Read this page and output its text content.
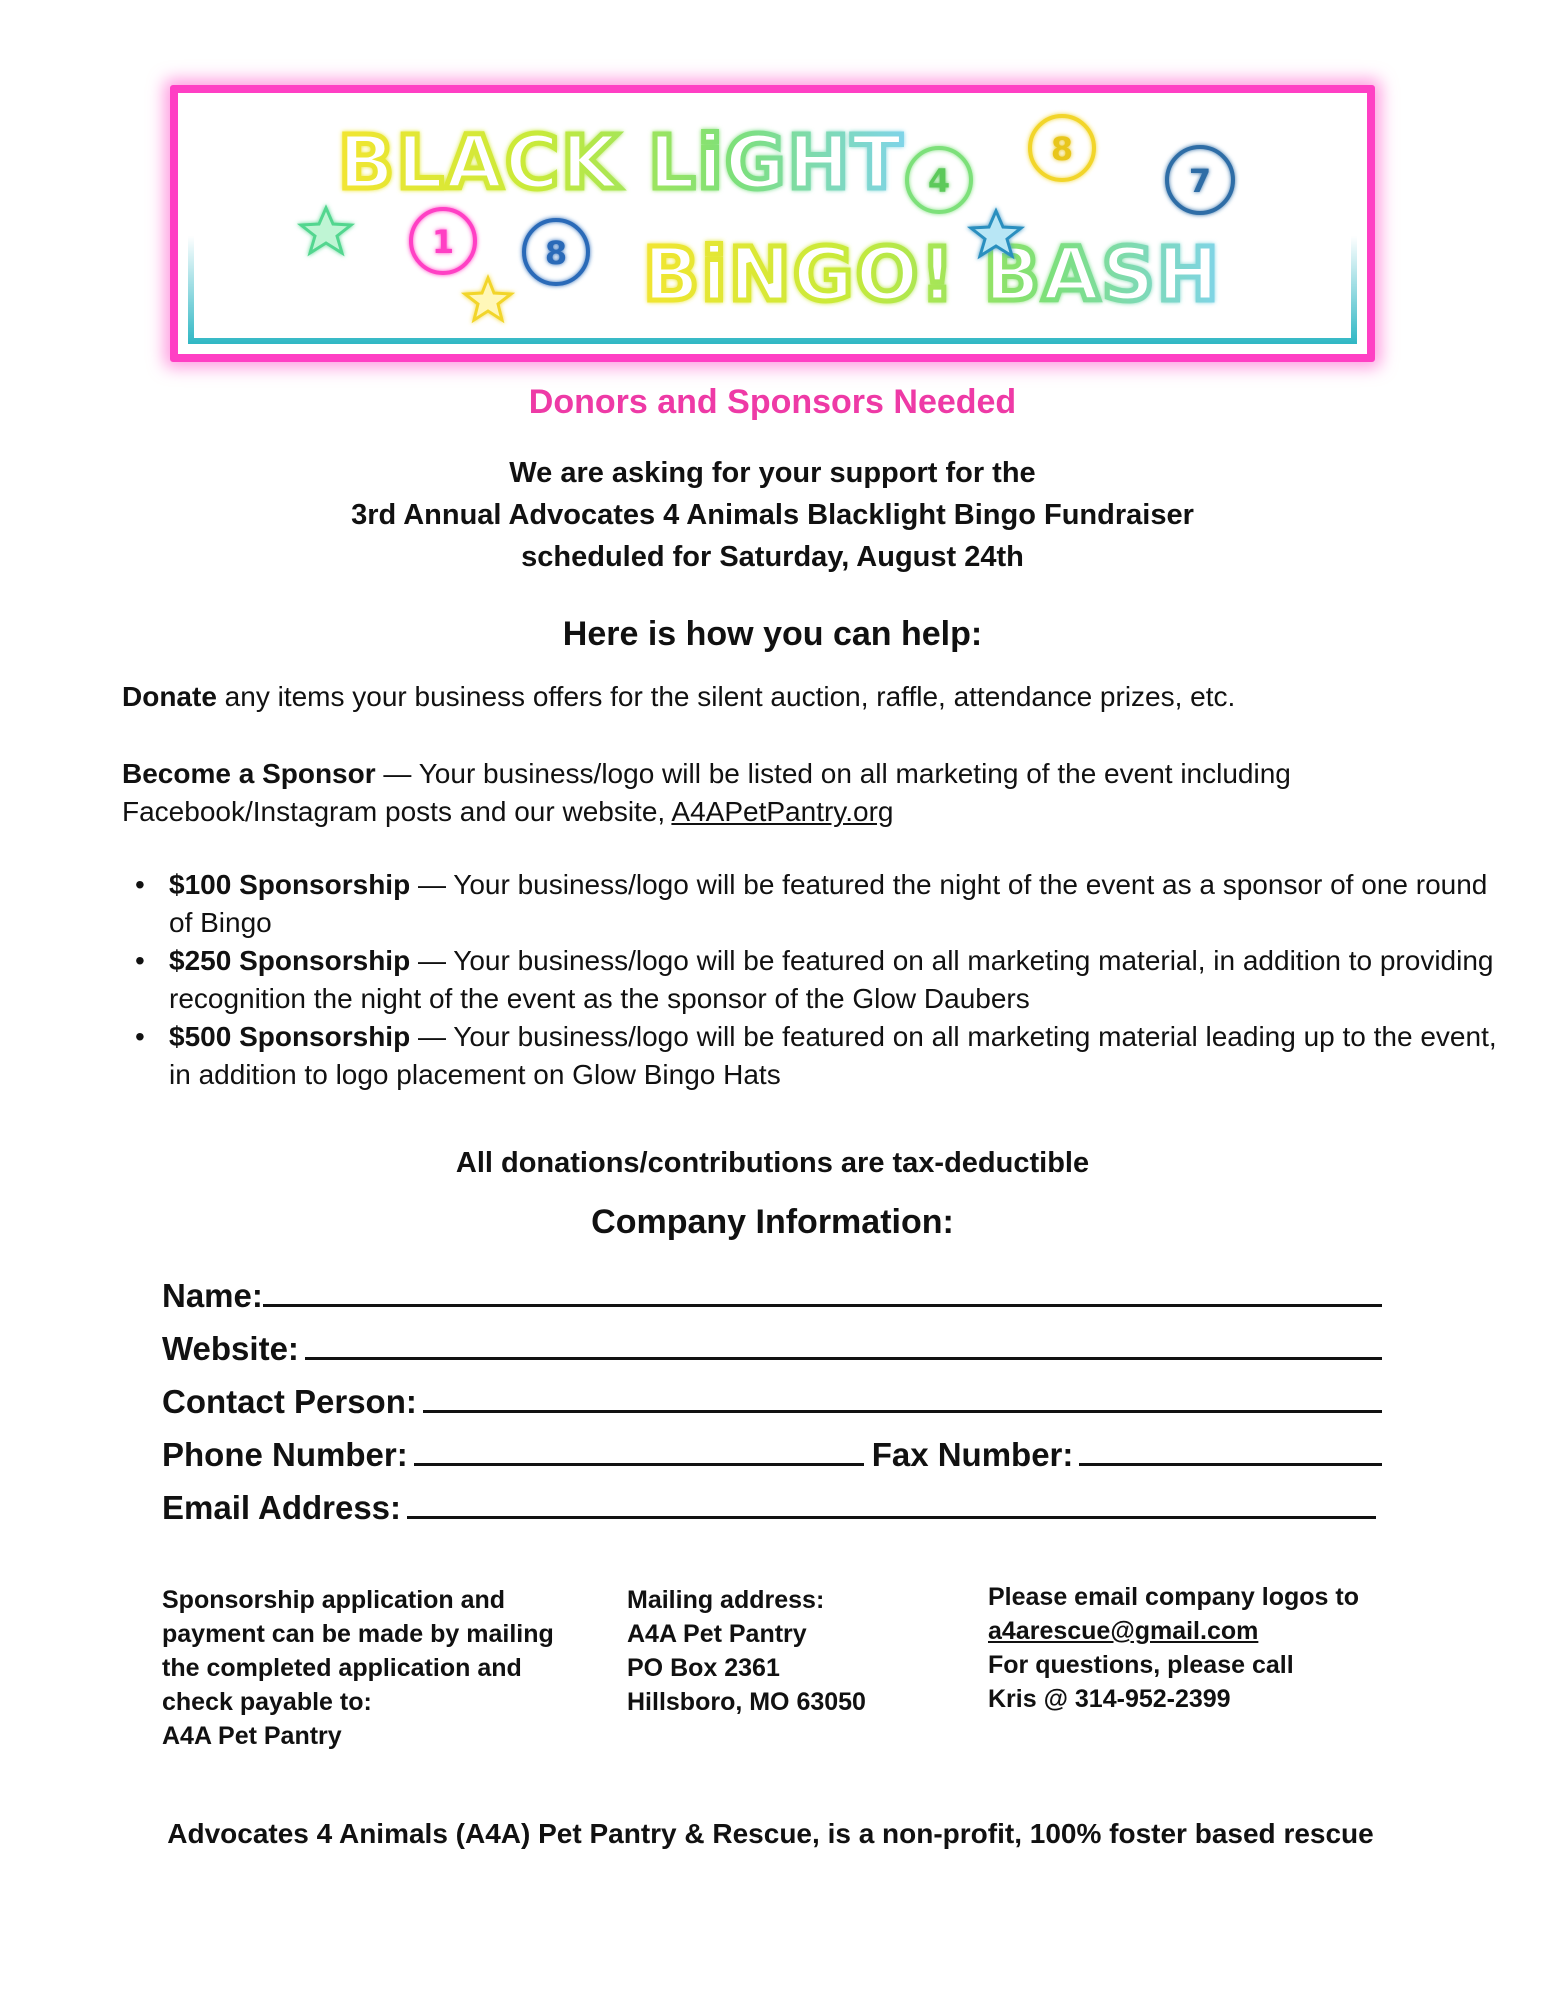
BLACK LiGHT
BiNGO! BASH
1	8
4
8
7
Donors and Sponsors Needed
We are asking for your support for the
3rd Annual Advocates 4 Animals Blacklight Bingo Fundraiser
scheduled for Saturday, August 24th
Here is how you can help:
Donate any items your business offers for the silent auction, raffle, attendance prizes, etc.
Become a Sponsor — Your business/logo will be listed on all marketing of the event including Facebook/Instagram posts and our website, A4APetPantry.org
• $100 Sponsorship — Your business/logo will be featured the night of the event as a sponsor of one round of Bingo
• $250 Sponsorship — Your business/logo will be featured on all marketing material, in addition to providing recognition the night of the event as the sponsor of the Glow Daubers
• $500 Sponsorship — Your business/logo will be featured on all marketing material leading up to the event, in addition to logo placement on Glow Bingo Hats
All donations/contributions are tax-deductible
Company Information:
Name:
Website:
Contact Person:
Phone Number:	Fax Number:
Email Address:

Sponsorship application and

payment can be made by mailing

the completed application and

check payable to:

A4A Pet Pantry

Mailing address:

A4A Pet Pantry

PO Box 2361

Hillsboro, MO 63050

Please email company logos to

a4arescue@gmail.com

For questions, please call

Kris @ 314-952-2399

Advocates 4 Animals (A4A) Pet Pantry & Rescue, is a non-profit, 100% foster based rescue
